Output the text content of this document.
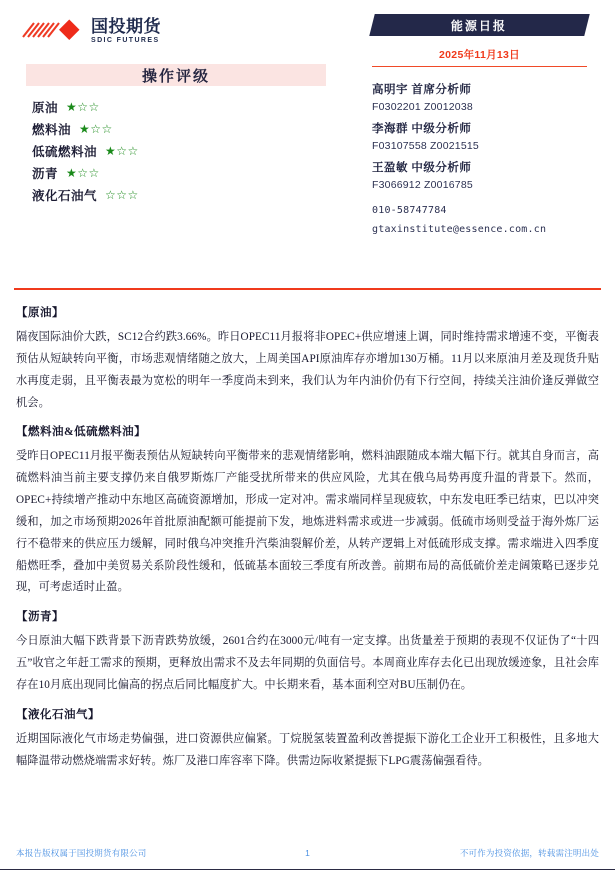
国投期货
SDIC FUTURES
操作评级
原油 ★☆☆
燃料油 ★☆☆
低硫燃料油 ★☆☆
沥青 ★☆☆
液化石油气 ☆☆☆
能源日报
2025年11月13日
高明宇 首席分析师
F0302201 Z0012038
李海群 中级分析师
F03107558 Z0021515
王盈敏 中级分析师
F3066912 Z0016785
010-58747784
gtaxinstitute@essence.com.cn

【原油】

隔夜国际油价大跌，SC12合约跌3.66%。昨日OPEC11月报将非OPEC+供应增速上调，同时维持需求增速不变，平衡表预估从短缺转向平衡，市场悲观情绪随之放大，上周美国API原油库存亦增加130万桶。11月以来原油月差及现货升贴水再度走弱，且平衡表最为宽松的明年一季度尚未到来，我们认为年内油价仍有下行空间，持续关注油价逢反弹做空机会。

【燃料油&低硫燃料油】

受昨日OPEC11月报平衡表预估从短缺转向平衡带来的悲观情绪影响，燃料油跟随成本端大幅下行。就其自身而言，高硫燃料油当前主要支撑仍来自俄罗斯炼厂产能受扰所带来的供应风险，尤其在俄乌局势再度升温的背景下。然而，OPEC+持续增产推动中东地区高硫资源增加，形成一定对冲。需求端同样呈现疲软，中东发电旺季已结束，巴以冲突缓和，加之市场预期2026年首批原油配额可能提前下发，地炼进料需求或进一步减弱。低硫市场则受益于海外炼厂运行不稳带来的供应压力缓解，同时俄乌冲突推升汽柴油裂解价差，从转产逻辑上对低硫形成支撑。需求端进入四季度船燃旺季，叠加中美贸易关系阶段性缓和，低硫基本面较三季度有所改善。前期布局的高低硫价差走阔策略已逐步兑现，可考虑适时止盈。

【沥青】

今日原油大幅下跌背景下沥青跌势放缓，2601合约在3000元/吨有一定支撑。出货量差于预期的表现不仅证伪了“十四五”收官之年赶工需求的预期，更释放出需求不及去年同期的负面信号。本周商业库存去化已出现放缓迹象，且社会库存在10月底出现同比偏高的拐点后同比幅度扩大。中长期来看，基本面利空对BU压制仍在。

【液化石油气】

近期国际液化气市场走势偏强，进口资源供应偏紧。丁烷脱氢装置盈利改善提振下游化工企业开工积极性，且多地大幅降温带动燃烧端需求好转。炼厂及港口库容率下降。供需边际收紧提振下LPG震荡偏强看待。

本报告版权属于国投期货有限公司	1	不可作为投资依据，转载需注明出处
